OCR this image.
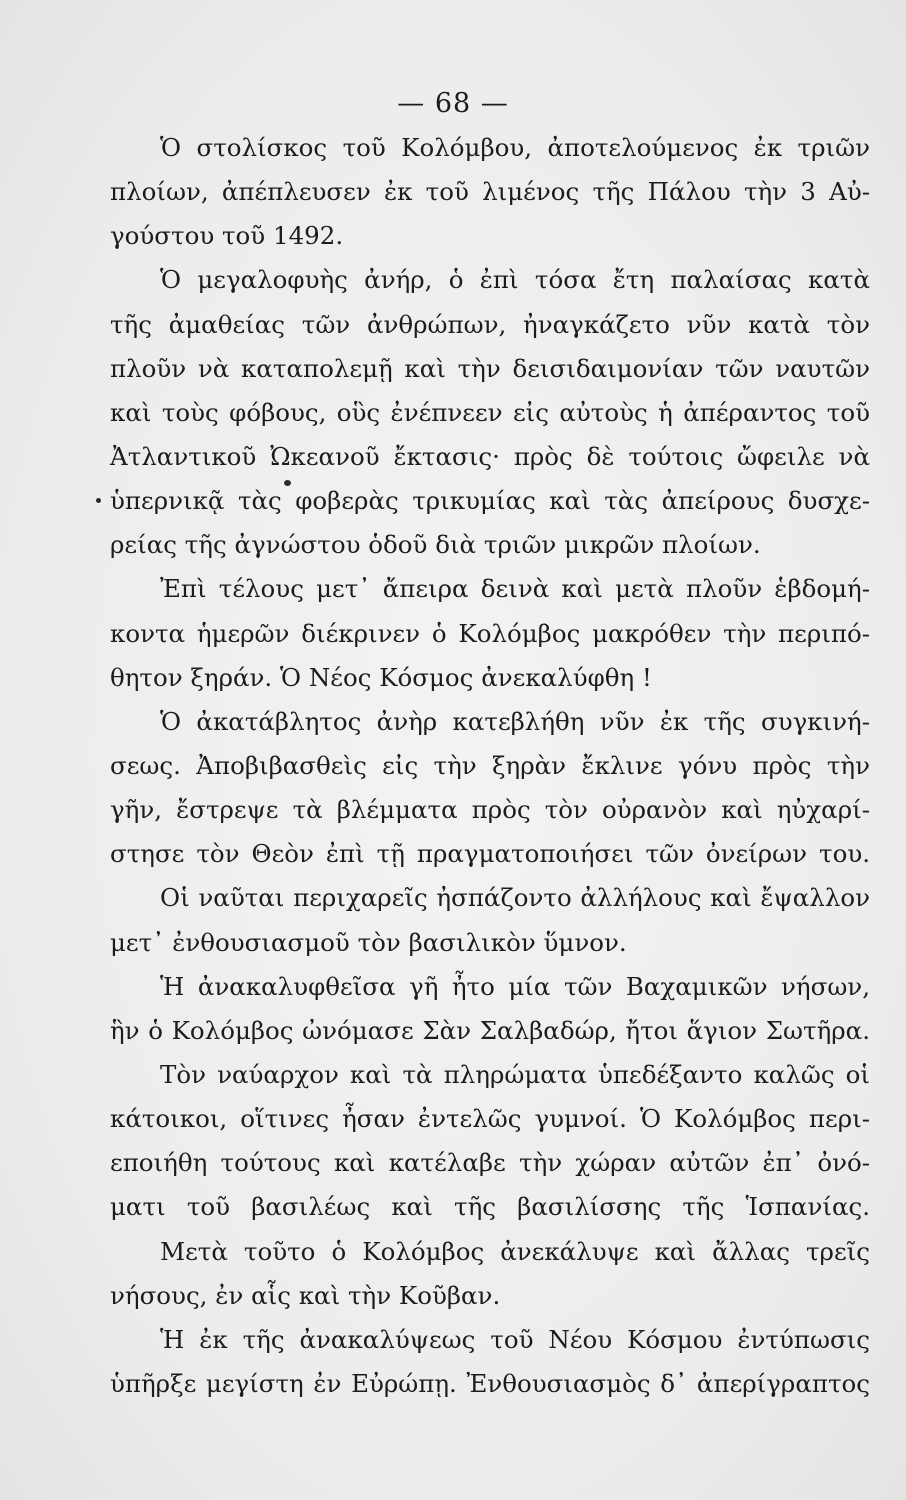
— 68 —
Ὁ στολίσκος τοῦ Κολόμβου, ἀποτελούμενος ἐκ τριῶν
πλοίων, ἀπέπλευσεν ἐκ τοῦ λιμένος τῆς Πάλου τὴν 3 Αὐ-
γούστου τοῦ 1492.
Ὁ μεγαλοφυὴς ἀνήρ, ὁ ἐπὶ τόσα ἔτη παλαίσας κατὰ
τῆς ἀμαθείας τῶν ἀνθρώπων, ἠναγκάζετο νῦν κατὰ τὸν
πλοῦν νὰ καταπολεμῇ καὶ τὴν δεισιδαιμονίαν τῶν ναυτῶν
καὶ τοὺς φόβους, οὓς ἐνέπνεεν εἰς αὐτοὺς ἡ ἀπέραντος τοῦ
Ἀτλαντικοῦ Ὠκεανοῦ ἔκτασις· πρὸς δὲ τούτοις ὤφειλε νὰ
ὑπερνικᾷ τὰς φοβερὰς τρικυμίας καὶ τὰς ἀπείρους δυσχε-
ρείας τῆς ἀγνώστου ὁδοῦ διὰ τριῶν μικρῶν πλοίων.
Ἐπὶ τέλους μετ᾽ ἄπειρα δεινὰ καὶ μετὰ πλοῦν ἑβδομή-
κοντα ἡμερῶν διέκρινεν ὁ Κολόμβος μακρόθεν τὴν περιπό-
θητον ξηράν. Ὁ Νέος Κόσμος ἀνεκαλύφθη !
Ὁ ἀκατάβλητος ἀνὴρ κατεβλήθη νῦν ἐκ τῆς συγκινή-
σεως. Ἀποβιβασθεὶς εἰς τὴν ξηρὰν ἔκλινε γόνυ πρὸς τὴν
γῆν, ἔστρεψε τὰ βλέμματα πρὸς τὸν οὐρανὸν καὶ ηὐχαρί-
στησε τὸν Θεὸν ἐπὶ τῇ πραγματοποιήσει τῶν ὀνείρων του.
Οἱ ναῦται περιχαρεῖς ἠσπάζοντο ἀλλήλους καὶ ἔψαλλον
μετ᾽ ἐνθουσιασμοῦ τὸν βασιλικὸν ὕμνον.
Ἡ ἀνακαλυφθεῖσα γῆ ἦτο μία τῶν Βαχαμικῶν νήσων,
ἣν ὁ Κολόμβος ὠνόμασε Σὰν Σαλβαδώρ, ἤτοι ἅγιον Σωτῆρα.
Τὸν ναύαρχον καὶ τὰ πληρώματα ὑπεδέξαντο καλῶς οἱ
κάτοικοι, οἵτινες ἦσαν ἐντελῶς γυμνοί. Ὁ Κολόμβος περι-
εποιήθη τούτους καὶ κατέλαβε τὴν χώραν αὐτῶν ἐπ᾽ ὀνό-
ματι τοῦ βασιλέως καὶ τῆς βασιλίσσης τῆς Ἱσπανίας.
Μετὰ τοῦτο ὁ Κολόμβος ἀνεκάλυψε καὶ ἄλλας τρεῖς
νήσους, ἐν αἷς καὶ τὴν Κοῦβαν.
Ἡ ἐκ τῆς ἀνακαλύψεως τοῦ Νέου Κόσμου ἐντύπωσις
ὑπῆρξε μεγίστη ἐν Εὐρώπῃ. Ἐνθουσιασμὸς δ᾽ ἀπερίγραπτος
